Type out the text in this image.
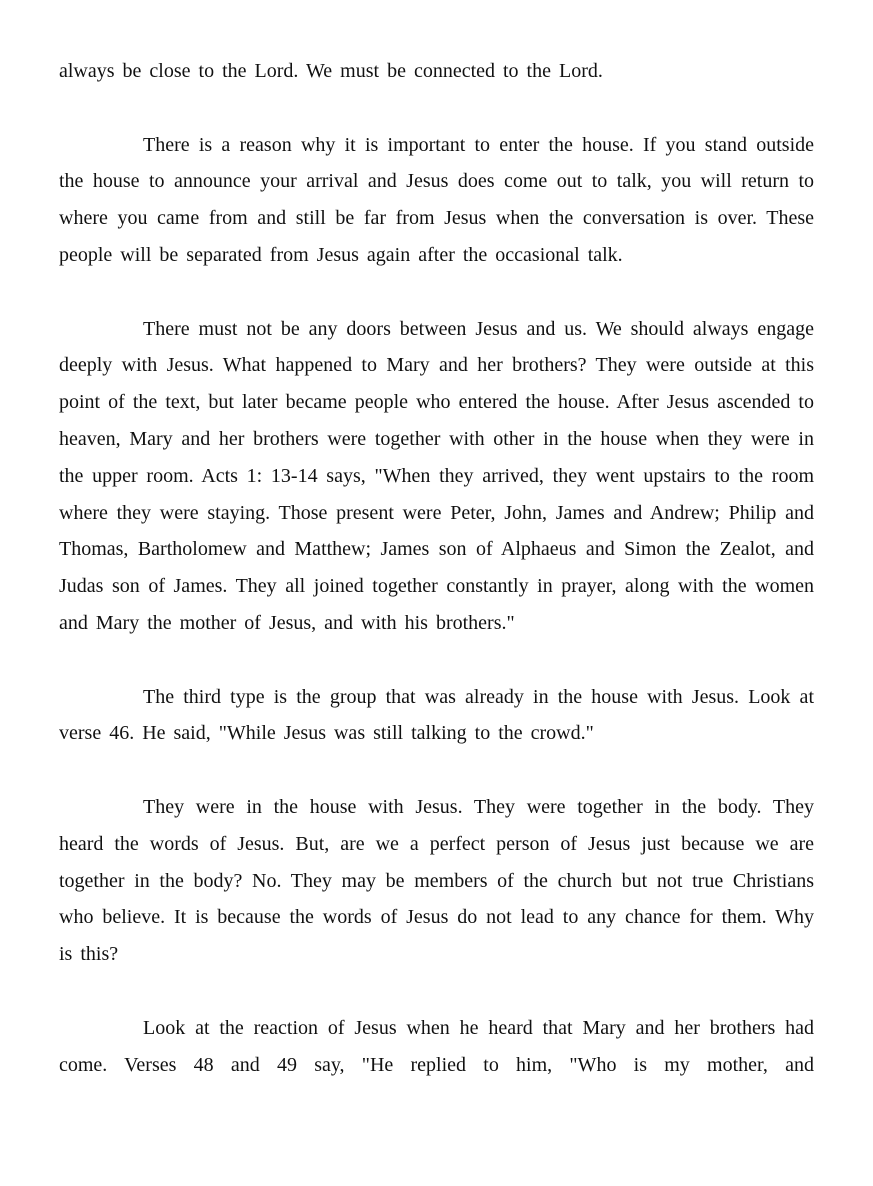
always be close to the Lord. We must be connected to the Lord.

There is a reason why it is important to enter the house. If you stand outside the house to announce your arrival and Jesus does come out to talk, you will return to where you came from and still be far from Jesus when the conversation is over. These people will be separated from Jesus again after the occasional talk.

There must not be any doors between Jesus and us. We should always engage deeply with Jesus. What happened to Mary and her brothers? They were outside at this point of the text, but later became people who entered the house. After Jesus ascended to heaven, Mary and her brothers were together with other in the house when they were in the upper room. Acts 1: 13-14 says, "When they arrived, they went upstairs to the room where they were staying. Those present were Peter, John, James and Andrew; Philip and Thomas, Bartholomew and Matthew; James son of Alphaeus and Simon the Zealot, and Judas son of James. They all joined together constantly in prayer, along with the women and Mary the mother of Jesus, and with his brothers."

The third type is the group that was already in the house with Jesus. Look at verse 46. He said, "While Jesus was still talking to the crowd."

They were in the house with Jesus. They were together in the body. They heard the words of Jesus. But, are we a perfect person of Jesus just because we are together in the body? No. They may be members of the church but not true Christians who believe. It is because the words of Jesus do not lead to any chance for them. Why is this?

Look at the reaction of Jesus when he heard that Mary and her brothers had come. Verses 48 and 49 say, "He replied to him, "Who is my mother, and
